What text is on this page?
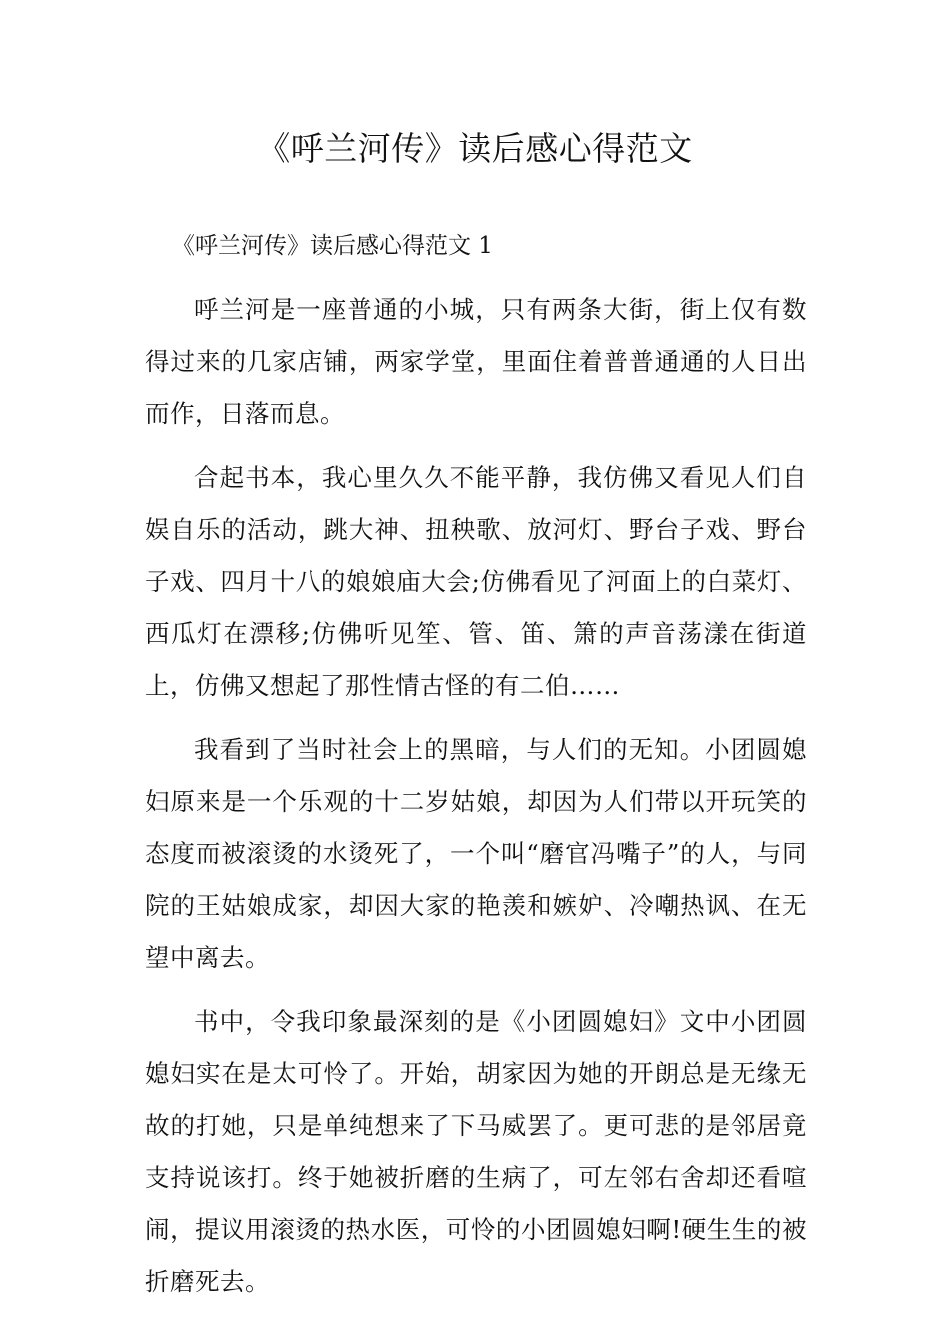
《呼兰河传》读后感心得范文

《呼兰河传》读后感心得范文 1

呼兰河是一座普通的小城，只有两条大街，街上仅有数得过来的几家店铺，两家学堂，里面住着普普通通的人日出而作，日落而息。

合起书本，我心里久久不能平静，我仿佛又看见人们自娱自乐的活动，跳大神、扭秧歌、放河灯、野台子戏、野台子戏、四月十八的娘娘庙大会;仿佛看见了河面上的白菜灯、西瓜灯在漂移;仿佛听见笙、管、笛、箫的声音荡漾在街道上，仿佛又想起了那性情古怪的有二伯……

我看到了当时社会上的黑暗，与人们的无知。小团圆媳妇原来是一个乐观的十二岁姑娘，却因为人们带以开玩笑的态度而被滚烫的水烫死了，一个叫“磨官冯嘴子”的人，与同院的王姑娘成家，却因大家的艳羡和嫉妒、冷嘲热讽、在无望中离去。

书中，令我印象最深刻的是《小团圆媳妇》文中小团圆媳妇实在是太可怜了。开始，胡家因为她的开朗总是无缘无故的打她，只是单纯想来了下马威罢了。更可悲的是邻居竟支持说该打。终于她被折磨的生病了，可左邻右舍却还看喧闹，提议用滚烫的热水医，可怜的小团圆媳妇啊!硬生生的被折磨死去。
